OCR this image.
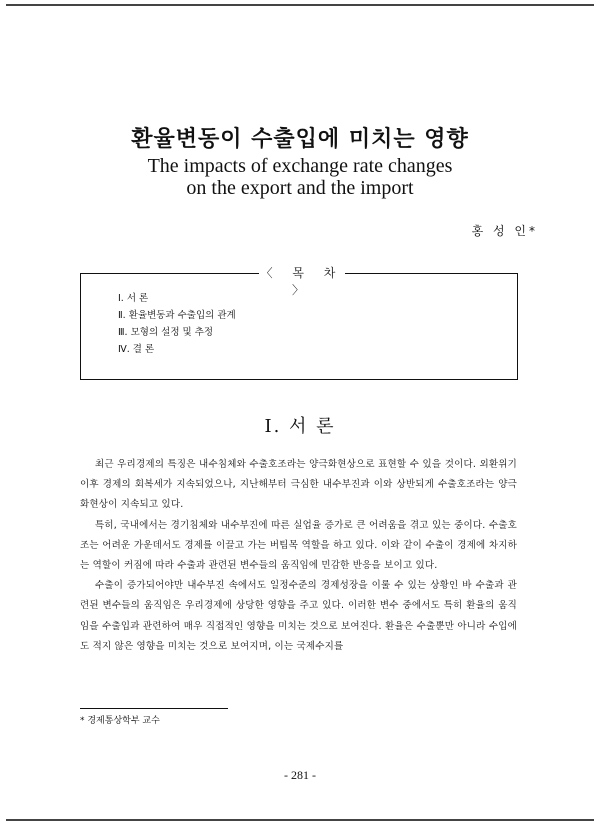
환율변동이 수출입에 미치는 영향
The impacts of exchange rate changes
on the export and the import
홍 성 인*
〈 목 차 〉
Ⅰ. 서 론
Ⅱ. 환율변동과 수출입의 관계
Ⅲ. 모형의 설정 및 추정
Ⅳ. 결 론
Ⅰ. 서 론

최근 우리경제의 특징은 내수침체와 수출호조라는 양극화현상으로 표현할 수 있을 것이다. 외환위기 이후 경제의 회복세가 지속되었으나, 지난해부터 극심한 내수부진과 이와 상반되게 수출호조라는 양극화현상이 지속되고 있다.

특히, 국내에서는 경기침체와 내수부진에 따른 실업율 증가로 큰 어려움을 겪고 있는 중이다. 수출호조는 어려운 가운데서도 경제를 이끌고 가는 버팀목 역할을 하고 있다. 이와 같이 수출이 경제에 차지하는 역할이 커짐에 따라 수출과 관련된 변수들의 움직임에 민감한 반응을 보이고 있다.

수출이 증가되어야만 내수부진 속에서도 일정수준의 경제성장을 이룰 수 있는 상황인 바 수출과 관련된 변수들의 움직임은 우리경제에 상당한 영향을 주고 있다. 이러한 변수 중에서도 특히 환율의 움직임을 수출입과 관련하여 매우 직접적인 영향을 미치는 것으로 보여진다. 환율은 수출뿐만 아니라 수입에도 적지 않은 영향을 미치는 것으로 보여지며, 이는 국제수지를

* 경제통상학부 교수
- 281 -
